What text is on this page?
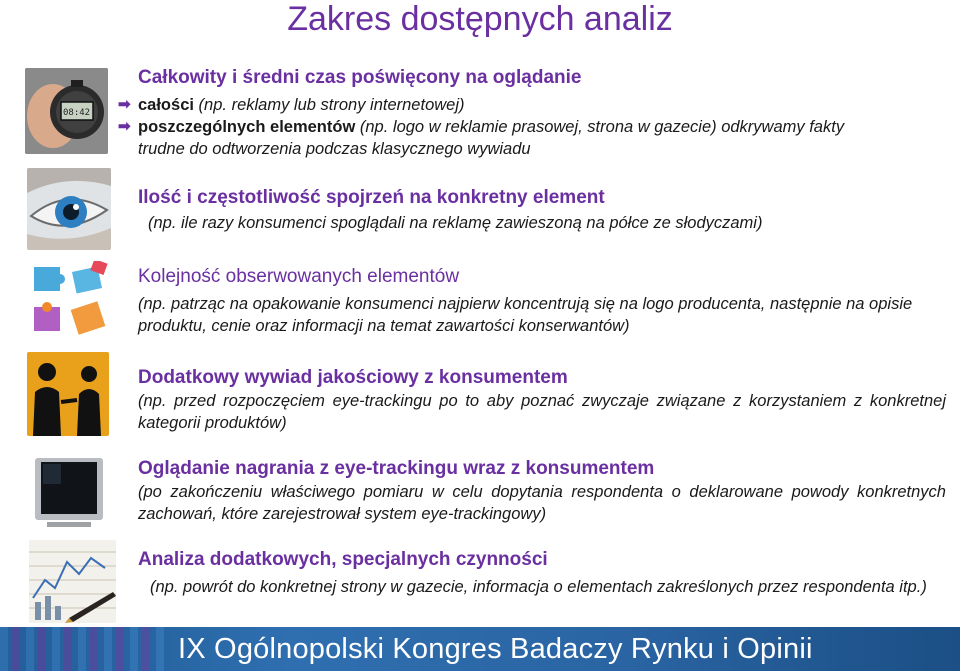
Zakres dostępnych analiz
08:42

Całkowity i średni czas poświęcony na oglądanie

➡ całości (np. reklamy lub strony internetowej)
➡ poszczególnych elementów (np. logo w reklamie prasowej, strona w gazecie) odkrywamy fakty

trudne do odtworzenia podczas klasycznego wywiadu

Ilość i częstotliwość spojrzeń na konkretny element

(np. ile razy konsumenci spoglądali na reklamę zawieszoną na półce ze słodyczami)

Kolejność obserwowanych elementów

(np. patrząc na opakowanie konsumenci najpierw koncentrują się na logo producenta, następnie na opisie produktu, cenie oraz informacji na temat zawartości konserwantów)

Dodatkowy wywiad jakościowy z konsumentem

(np. przed rozpoczęciem eye-trackingu po to aby poznać zwyczaje związane z korzystaniem z konkretnej kategorii produktów)

Oglądanie nagrania z eye-trackingu wraz z konsumentem

(po zakończeniu właściwego pomiaru w celu dopytania respondenta o deklarowane powody konkretnych zachowań, które zarejestrował system eye-trackingowy)

Analiza dodatkowych, specjalnych czynności

(np. powrót do konkretnej strony w gazecie, informacja o elementach zakreślonych przez respondenta itp.)

IX Ogólnopolski Kongres Badaczy Rynku i Opinii
